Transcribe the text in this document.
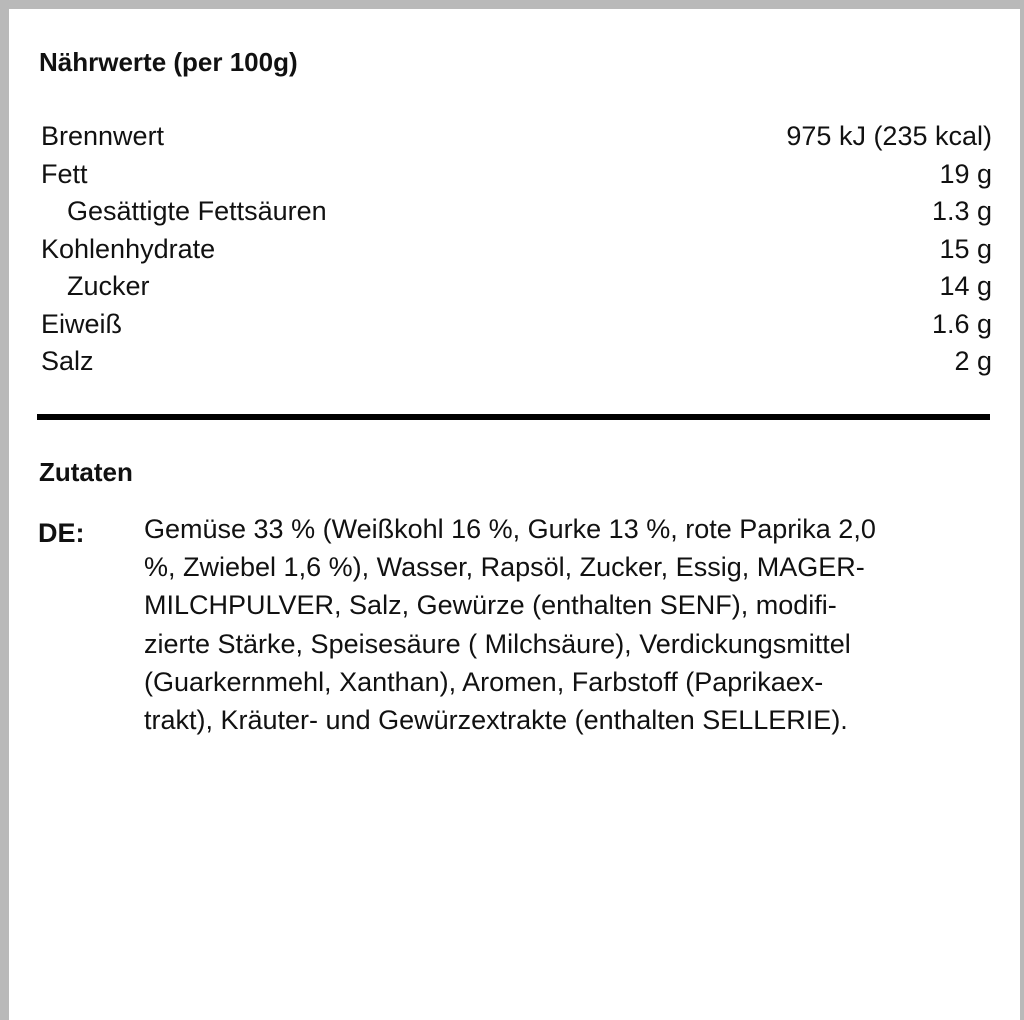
Nährwerte (per 100g)
Brennwert	975 kJ (235 kcal)
Fett	19 g
Gesättigte Fettsäuren	1.3 g
Kohlenhydrate	15 g
Zucker	14 g
Eiweiß	1.6 g
Salz	2 g
Zutaten
DE: Gemüse 33 % (Weißkohl 16 %, Gurke 13 %, rote Paprika 2,0
%, Zwiebel 1,6 %), Wasser, Rapsöl, Zucker, Essig, MAGER-
MILCHPULVER, Salz, Gewürze (enthalten SENF), modifi-
zierte Stärke, Speisesäure ( Milchsäure), Verdickungsmittel
(Guarkernmehl, Xanthan), Aromen, Farbstoff (Paprikaex-
trakt), Kräuter- und Gewürzextrakte (enthalten SELLERIE).
